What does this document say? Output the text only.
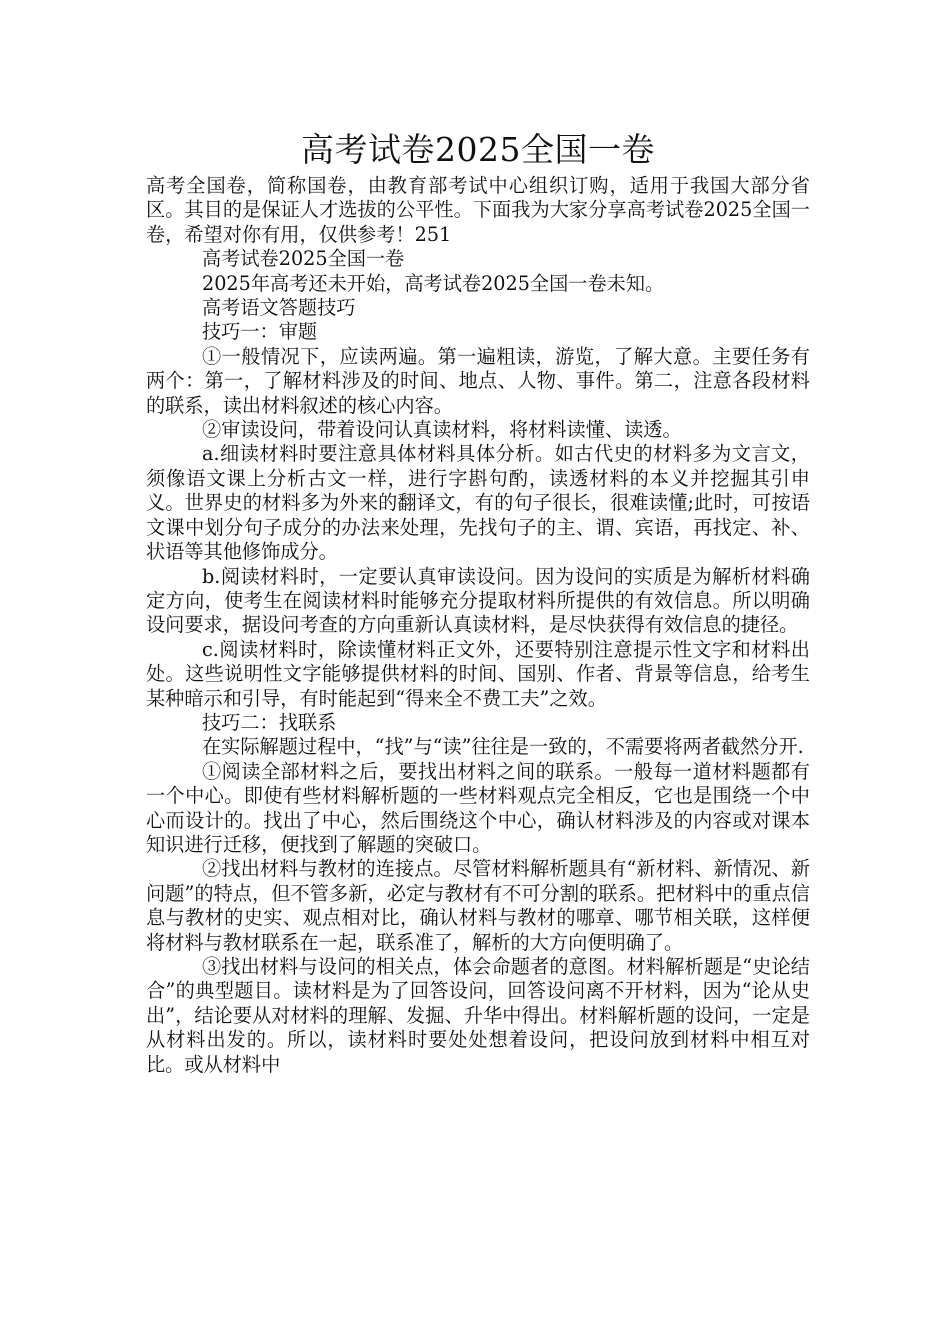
高考试卷2025全国一卷

高考全国卷，简称国卷，由教育部考试中心组织订购，适用于我国大部分省区。其目的是保证人才选拔的公平性。下面我为大家分享高考试卷2025全国一卷，希望对你有用，仅供参考！251

高考试卷2025全国一卷

2025年高考还未开始，高考试卷2025全国一卷未知。

高考语文答题技巧

技巧一：审题

①一般情况下，应读两遍。第一遍粗读，游览，了解大意。主要任务有两个：第一，了解材料涉及的时间、地点、人物、事件。第二，注意各段材料的联系，读出材料叙述的核心内容。

②审读设问，带着设问认真读材料，将材料读懂、读透。

a.细读材料时要注意具体材料具体分析。如古代史的材料多为文言文，须像语文课上分析古文一样，进行字斟句酌，读透材料的本义并挖掘其引申义。世界史的材料多为外来的翻译文，有的句子很长，很难读懂;此时，可按语文课中划分句子成分的办法来处理，先找句子的主、谓、宾语，再找定、补、状语等其他修饰成分。

b.阅读材料时，一定要认真审读设问。因为设问的实质是为解析材料确定方向，使考生在阅读材料时能够充分提取材料所提供的有效信息。所以明确设问要求，据设问考查的方向重新认真读材料，是尽快获得有效信息的捷径。

c.阅读材料时，除读懂材料正文外，还要特别注意提示性文字和材料出处。这些说明性文字能够提供材料的时间、国别、作者、背景等信息，给考生某种暗示和引导，有时能起到“得来全不费工夫”之效。

技巧二：找联系

在实际解题过程中，“找”与“读”往往是一致的，不需要将两者截然分开.

①阅读全部材料之后，要找出材料之间的联系。一般每一道材料题都有一个中心。即使有些材料解析题的一些材料观点完全相反，它也是围绕一个中心而设计的。找出了中心，然后围绕这个中心，确认材料涉及的内容或对课本知识进行迁移，便找到了解题的突破口。

②找出材料与教材的连接点。尽管材料解析题具有“新材料、新情况、新问题”的特点，但不管多新，必定与教材有不可分割的联系。把材料中的重点信息与教材的史实、观点相对比，确认材料与教材的哪章、哪节相关联，这样便将材料与教材联系在一起，联系准了，解析的大方向便明确了。

③找出材料与设问的相关点，体会命题者的意图。材料解析题是“史论结合”的典型题目。读材料是为了回答设问，回答设问离不开材料，因为“论从史出”，结论要从对材料的理解、发掘、升华中得出。材料解析题的设问，一定是从材料出发的。所以，读材料时要处处想着设问，把设问放到材料中相互对比。或从材料中
